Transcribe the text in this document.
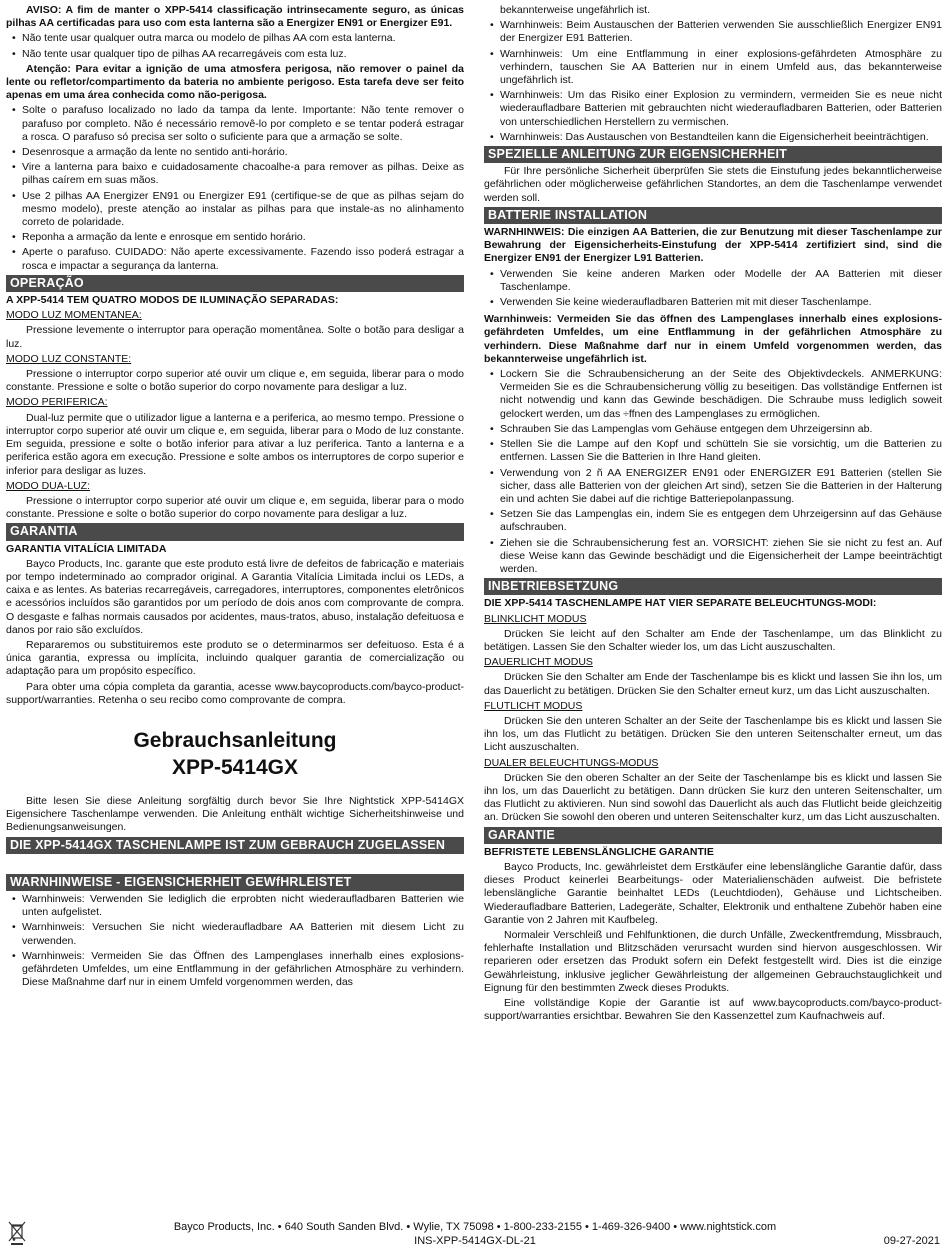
AVISO: A fim de manter o XPP-5414 classificação intrinsecamente seguro, as únicas pilhas AA certificadas para uso com esta lanterna são a Energizer EN91 or Energizer E91.

• Não tente usar qualquer outra marca ou modelo de pilhas AA com esta lanterna.

• Não tente usar qualquer tipo de pilhas AA recarregáveis com esta luz.

Atenção: Para evitar a ignição de uma atmosfera perigosa, não remover o painel da lente ou refletor/compartimento da bateria no ambiente perigoso. Esta tarefa deve ser feito apenas em uma área conhecida como não-perigosa.

• Solte o parafuso localizado no lado da tampa da lente. Importante: Não tente remover o parafuso por completo. Não é necessário removê-lo por completo e se tentar poderá estragar a rosca. O parafuso só precisa ser solto o suficiente para que a armação se solte.

• Desenrosque a armação da lente no sentido anti-horário.

• Vire a lanterna para baixo e cuidadosamente chacoalhe-a para remover as pilhas. Deixe as pilhas caírem em suas mãos.

• Use 2 pilhas AA Energizer EN91 ou Energizer E91 (certifique-se de que as pilhas sejam do mesmo modelo), preste atenção ao instalar as pilhas para que instale-as no alinhamento correto de polaridade.

• Reponha a armação da lente e enrosque em sentido horário.

• Aperte o parafuso. CUIDADO: Não aperte excessivamente. Fazendo isso poderá estragar a rosca e impactar a segurança da lanterna.

OPERAÇÃO

A XPP-5414 TEM QUATRO MODOS DE ILUMINAÇÃO SEPARADAS:

MODO LUZ MOMENTANEA:

Pressione levemente o interruptor para operação momentânea. Solte o botão para desligar a luz.

MODO LUZ CONSTANTE:

Pressione o interruptor corpo superior até ouvir um clique e, em seguida, liberar para o modo constante. Pressione e solte o botão superior do corpo novamente para desligar a luz.

MODO PERIFERICA:

Dual-luz permite que o utilizador ligue a lanterna e a periferica, ao mesmo tempo. Pressione o interruptor corpo superior até ouvir um clique e, em seguida, liberar para o Modo de luz constante. Em seguida, pressione e solte o botão inferior para ativar a luz periferica. Tanto a lanterna e a periferica estão agora em execução. Pressione e solte ambos os interruptores de corpo superior e inferior para desligar as luzes.

MODO DUA-LUZ:

Pressione o interruptor corpo superior até ouvir um clique e, em seguida, liberar para o modo constante. Pressione e solte o botão superior do corpo novamente para desligar a luz.

GARANTIA

GARANTIA VITALÍCIA LIMITADA

Bayco Products, Inc. garante que este produto está livre de defeitos de fabricação e materiais por tempo indeterminado ao comprador original. A Garantia Vitalícia Limitada inclui os LEDs, a caixa e as lentes. As baterias recarregáveis, carregadores, interruptores, componentes eletrônicos e acessórios incluídos são garantidos por um período de dois anos com comprovante de compra. O desgaste e falhas normais causados por acidentes, maus-tratos, abuso, instalação defeituosa e danos por raio são excluídos.

Repararemos ou substituiremos este produto se o determinarmos ser defeituoso. Esta é a única garantia, expressa ou implícita, incluindo qualquer garantia de comercialização ou adaptação para um propósito específico.

Para obter uma cópia completa da garantia, acesse www.baycoproducts.com/bayco-product-support/warranties. Retenha o seu recibo como comprovante de compra.

Gebrauchsanleitung
XPP-5414GX

Bitte lesen Sie diese Anleitung sorgfältig durch bevor Sie Ihre Nightstick XPP-5414GX Eigensichere Taschenlampe verwenden. Die Anleitung enthält wichtige Sicherheitshinweise und Bedienungsanweisungen.

DIE XPP-5414GX TASCHENLAMPE IST ZUM GEBRAUCH ZUGELASSEN
WARNHINWEISE - EIGENSICHERHEIT GEWfHRLEISTET

• Warnhinweis: Verwenden Sie lediglich die erprobten nicht wiederaufladbaren Batterien wie unten aufgelistet.

• Warnhinweis: Versuchen Sie nicht wiederaufladbare AA Batterien mit diesem Licht zu verwenden.

• Warnhinweis: Vermeiden Sie das Öffnen des Lampenglases innerhalb eines explosions-gefährdeten Umfeldes, um eine Entflammung in der gefährlichen Atmosphäre zu verhindern. Diese Maßnahme darf nur in einem Umfeld vorgenommen werden, das

bekannterweise ungefährlich ist.

• Warnhinweis: Beim Austauschen der Batterien verwenden Sie ausschließlich Energizer EN91 der Energizer E91 Batterien.

• Warnhinweis: Um eine Entflammung in einer explosions-gefährdeten Atmosphäre zu verhindern, tauschen Sie AA Batterien nur in einem Umfeld aus, das bekannterweise ungefährlich ist.

• Warnhinweis: Um das Risiko einer Explosion zu vermindern, vermeiden Sie es neue nicht wiederaufladbare Batterien mit gebrauchten nicht wiederaufladbaren Batterien, oder Batterien von unterschiedlichen Herstellern zu vermischen.

• Warnhinweis: Das Austauschen von Bestandteilen kann die Eigensicherheit beeinträchtigen.

SPEZIELLE ANLEITUNG ZUR EIGENSICHERHEIT

Für Ihre persönliche Sicherheit überprüfen Sie stets die Einstufung jedes bekanntlicherweise gefährlichen oder möglicherweise gefährlichen Standortes, an dem die Taschenlampe verwendet werden soll.

BATTERIE INSTALLATION

WARNHINWEIS: Die einzigen AA Batterien, die zur Benutzung mit dieser Taschenlampe zur Bewahrung der Eigensicherheits-Einstufung der XPP-5414 zertifiziert sind, sind die Energizer EN91 der Energizer L91 Batterien.

• Verwenden Sie keine anderen Marken oder Modelle der AA Batterien mit dieser Taschenlampe.

• Verwenden Sie keine wiederaufladbaren Batterien mit mit dieser Taschenlampe.

Warnhinweis: Vermeiden Sie das öffnen des Lampenglases innerhalb eines explosions-gefährdeten Umfeldes, um eine Entflammung in der gefährlichen Atmosphäre zu verhindern. Diese Maßnahme darf nur in einem Umfeld vorgenommen werden, das bekannterweise ungefährlich ist.

• Lockern Sie die Schraubensicherung an der Seite des Objektivdeckels. ANMERKUNG: Vermeiden Sie es die Schraubensicherung völlig zu beseitigen. Das vollständige Entfernen ist nicht notwendig und kann das Gewinde beschädigen. Die Schraube muss lediglich soweit gelockert werden, um das ÷ffnen des Lampenglases zu ermöglichen.

• Schrauben Sie das Lampenglas vom Gehäuse entgegen dem Uhrzeigersinn ab.

• Stellen Sie die Lampe auf den Kopf und schütteln Sie sie vorsichtig, um die Batterien zu entfernen. Lassen Sie die Batterien in Ihre Hand gleiten.

• Verwendung von 2 ñ AA ENERGIZER EN91 oder ENERGIZER E91 Batterien (stellen Sie sicher, dass alle Batterien von der gleichen Art sind), setzen Sie die Batterien in der Halterung ein und achten Sie dabei auf die richtige Batteriepolanpassung.

• Setzen Sie das Lampenglas ein, indem Sie es entgegen dem Uhrzeigersinn auf das Gehäuse aufschrauben.

• Ziehen sie die Schraubensicherung fest an. VORSICHT: ziehen Sie sie nicht zu fest an. Auf diese Weise kann das Gewinde beschädigt und die Eigensicherheit der Lampe beeinträchtigt werden.

INBETRIEBSETZUNG

DIE XPP-5414 TASCHENLAMPE HAT VIER SEPARATE BELEUCHTUNGS-MODI:

BLINKLICHT MODUS

Drücken Sie leicht auf den Schalter am Ende der Taschenlampe, um das Blinklicht zu betätigen. Lassen Sie den Schalter wieder los, um das Licht auszuschalten.

DAUERLICHT MODUS

Drücken Sie den Schalter am Ende der Taschenlampe bis es klickt und lassen Sie ihn los, um das Dauerlicht zu betätigen. Drücken Sie den Schalter erneut kurz, um das Licht auszuschalten.

FLUTLICHT MODUS

Drücken Sie den unteren Schalter an der Seite der Taschenlampe bis es klickt und lassen Sie ihn los, um das Flutlicht zu betätigen. Drücken Sie den unteren Seitenschalter erneut, um das Licht auszuschalten.

DUALER BELEUCHTUNGS-MODUS

Drücken Sie den oberen Schalter an der Seite der Taschenlampe bis es klickt und lassen Sie ihn los, um das Dauerlicht zu betätigen. Dann drücken Sie kurz den unteren Seitenschalter, um das Flutlicht zu aktivieren. Nun sind sowohl das Dauerlicht als auch das Flutlicht beide gleichzeitig an. Drücken Sie sowohl den oberen und unteren Seitenschalter kurz, um das Licht auszuschalten.

GARANTIE

BEFRISTETE LEBENSLÄNGLICHE GARANTIE

Bayco Products, Inc. gewährleistet dem Erstkäufer eine lebenslängliche Garantie dafür, dass dieses Product keinerlei Bearbeitungs- oder Materialienschäden aufweist. Die befristete lebenslängliche Garantie beinhaltet LEDs (Leuchtdioden), Gehäuse und Lichtscheiben. Wiederaufladbare Batterien, Ladegeräte, Schalter, Elektronik und enthaltene Zubehör haben eine Garantie von 2 Jahren mit Kaufbeleg.

Normaleir Verschleiß und Fehlfunktionen, die durch Unfälle, Zweckentfremdung, Missbrauch, fehlerhafte Installation und Blitzschäden verursacht wurden sind hiervon ausgeschlossen. Wir reparieren oder ersetzen das Produkt sofern ein Defekt festgestellt wird. Dies ist die einzige Gewährleistung, inklusive jeglicher Gewährleistung der allgemeinen Gebrauchstauglichkeit und Eignung für den bestimmten Zweck dieses Produkts.

Eine vollständige Kopie der Garantie ist auf www.baycoproducts.com/bayco-product-support/warranties ersichtbar. Bewahren Sie den Kassenzettel zum Kaufnachweis auf.

Bayco Products, Inc. • 640 South Sanden Blvd. • Wylie, TX 75098 • 1-800-233-2155 • 1-469-326-9400 • www.nightstick.com
INS-XPP-5414GX-DL-21	09-27-2021
